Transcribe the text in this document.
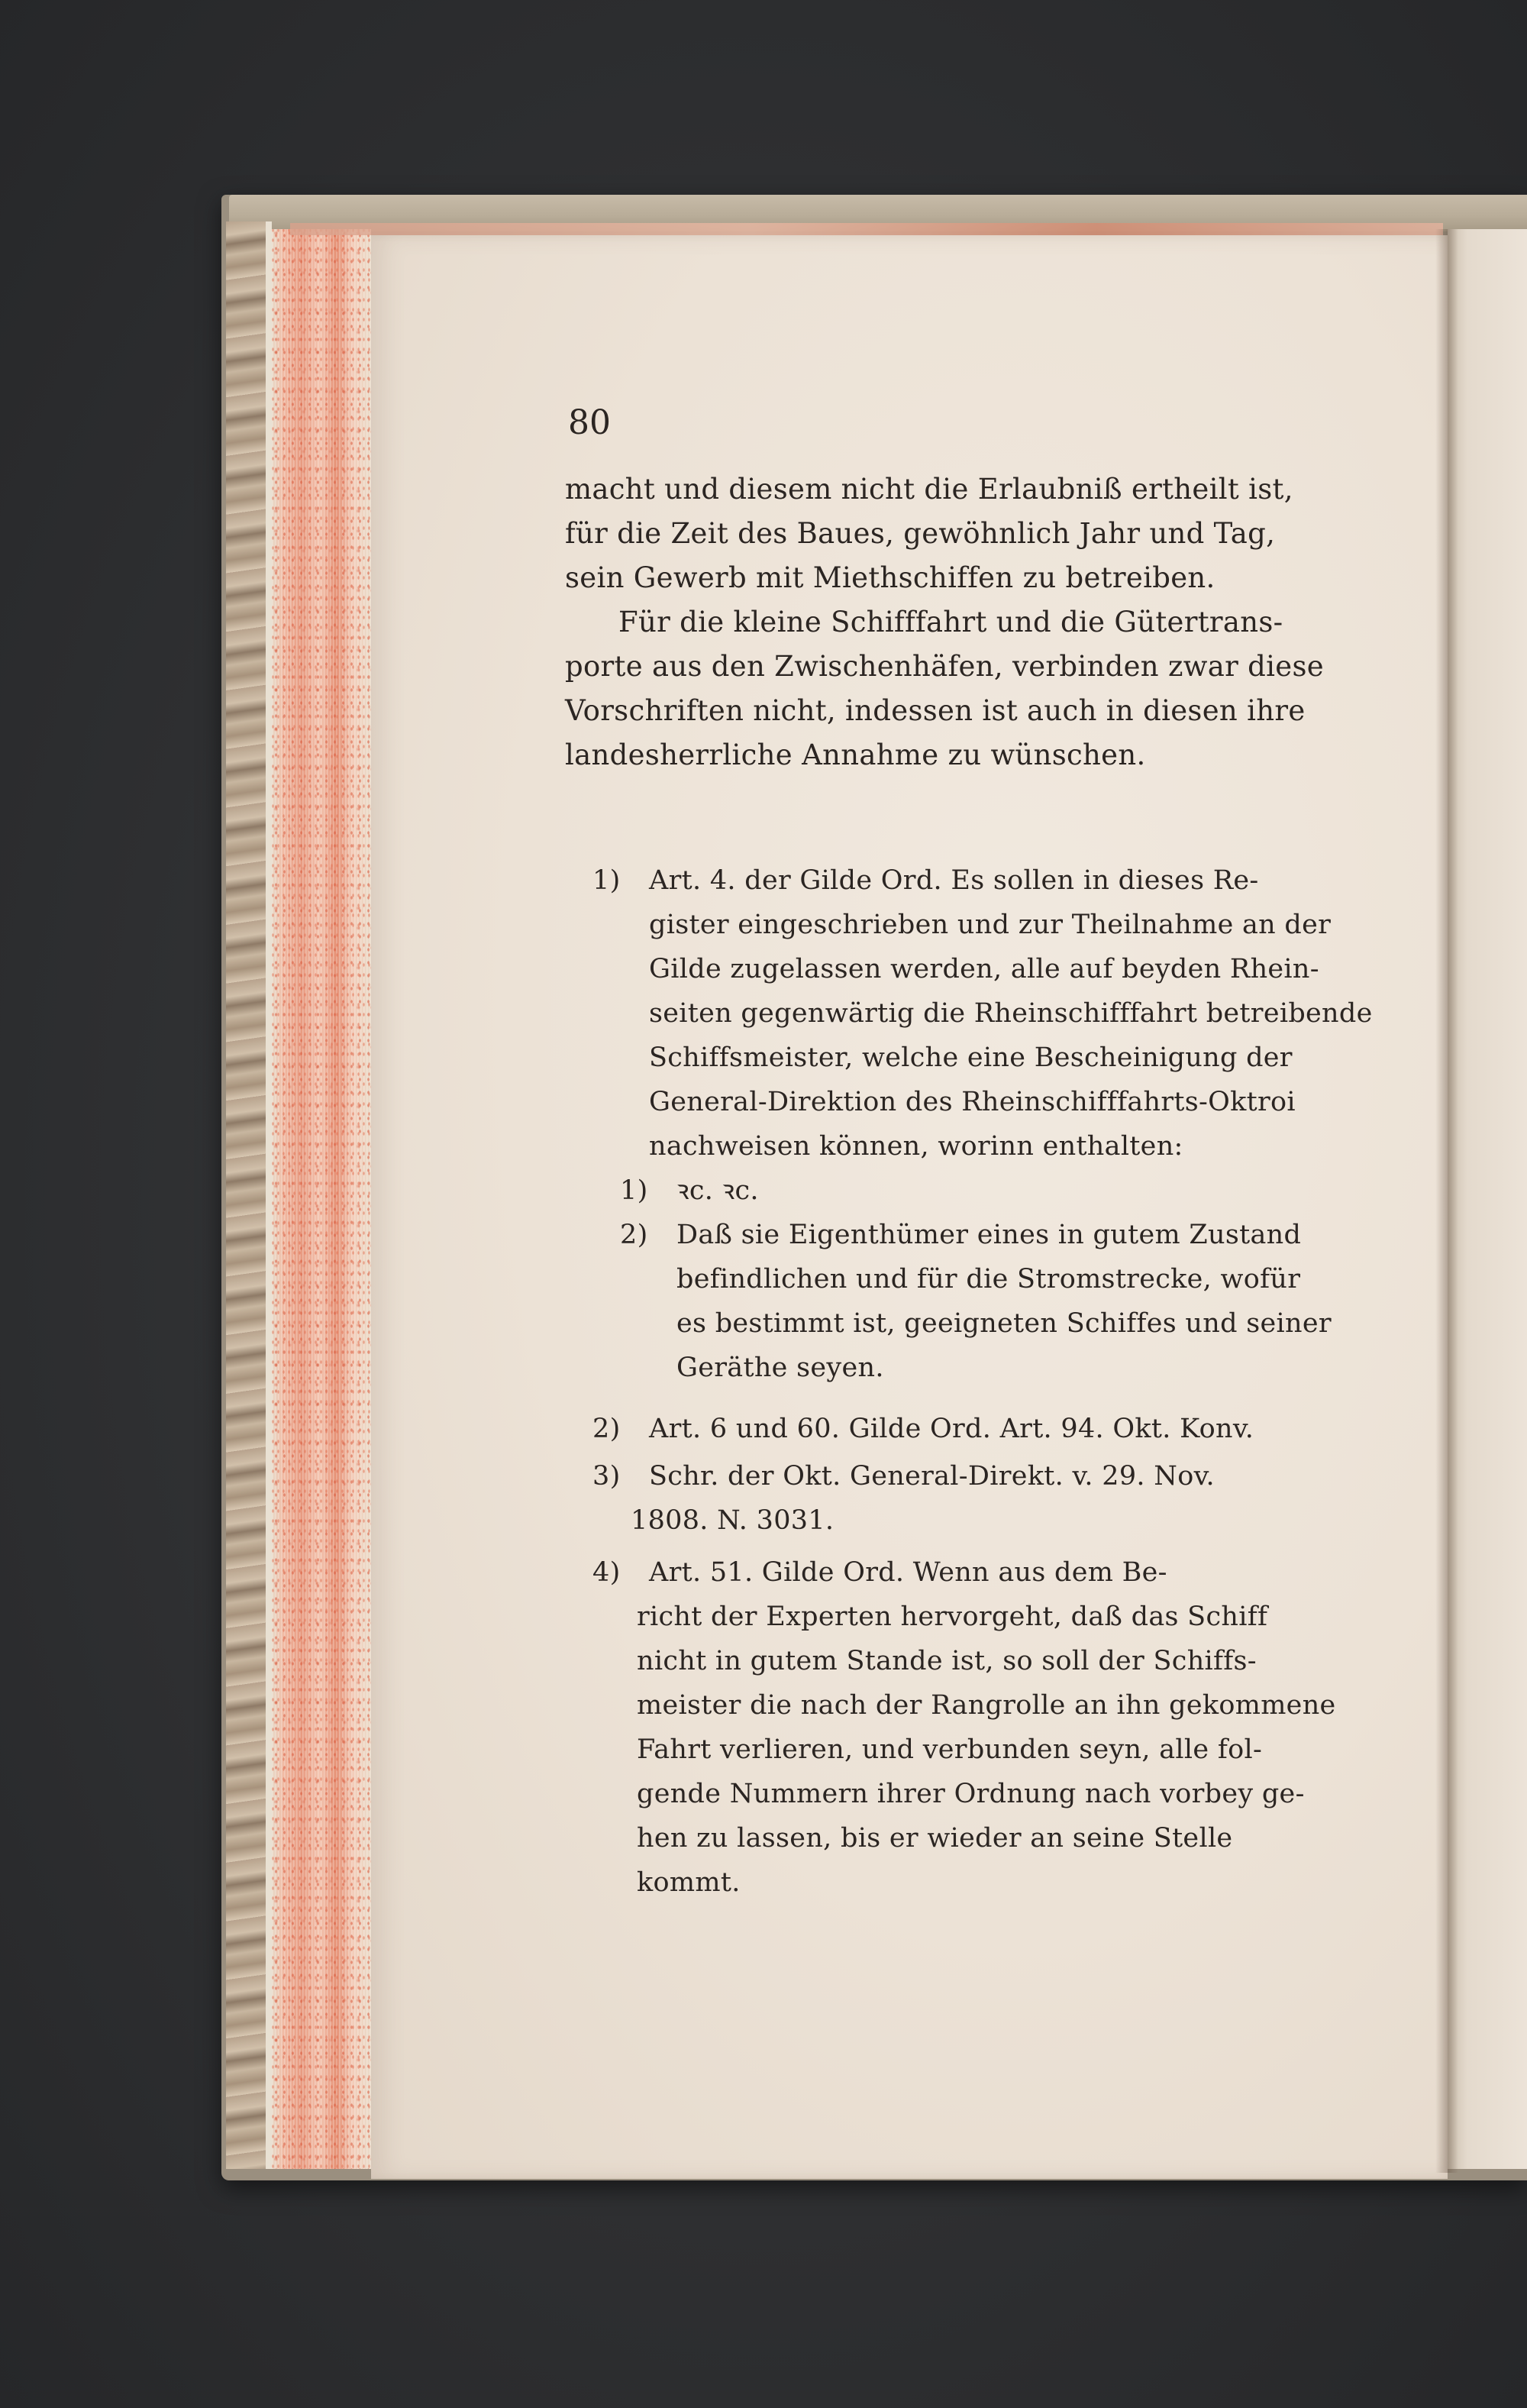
80
macht und diesem nicht die Erlaubniß ertheilt ist,
für die Zeit des Baues, gewöhnlich Jahr und Tag,
sein Gewerb mit Miethschiffen zu betreiben.
Für die kleine Schifffahrt und die Gütertrans-
porte aus den Zwischenhäfen, verbinden zwar diese
Vorschriften nicht, indessen ist auch in diesen ihre
landesherrliche Annahme zu wünschen.
1) Art. 4. der Gilde Ord. Es sollen in dieses Re-
gister eingeschrieben und zur Theilnahme an der
Gilde zugelassen werden, alle auf beyden Rhein-
seiten gegenwärtig die Rheinschifffahrt betreibende
Schiffsmeister, welche eine Bescheinigung der
General-Direktion des Rheinschifffahrts-Oktroi
nachweisen können, worinn enthalten:
1) ꝛc. ꝛc.
2) Daß sie Eigenthümer eines in gutem Zustand
befindlichen und für die Stromstrecke, wofür
es bestimmt ist, geeigneten Schiffes und seiner
Geräthe seyen.
2) Art. 6 und 60. Gilde Ord. Art. 94. Okt. Konv.
3) Schr. der Okt. General-Direkt. v. 29. Nov.
1808. N. 3031.
4) Art. 51. Gilde Ord. Wenn aus dem Be-
richt der Experten hervorgeht, daß das Schiff
nicht in gutem Stande ist, so soll der Schiffs-
meister die nach der Rangrolle an ihn gekommene
Fahrt verlieren, und verbunden seyn, alle fol-
gende Nummern ihrer Ordnung nach vorbey ge-
hen zu lassen, bis er wieder an seine Stelle
kommt.
